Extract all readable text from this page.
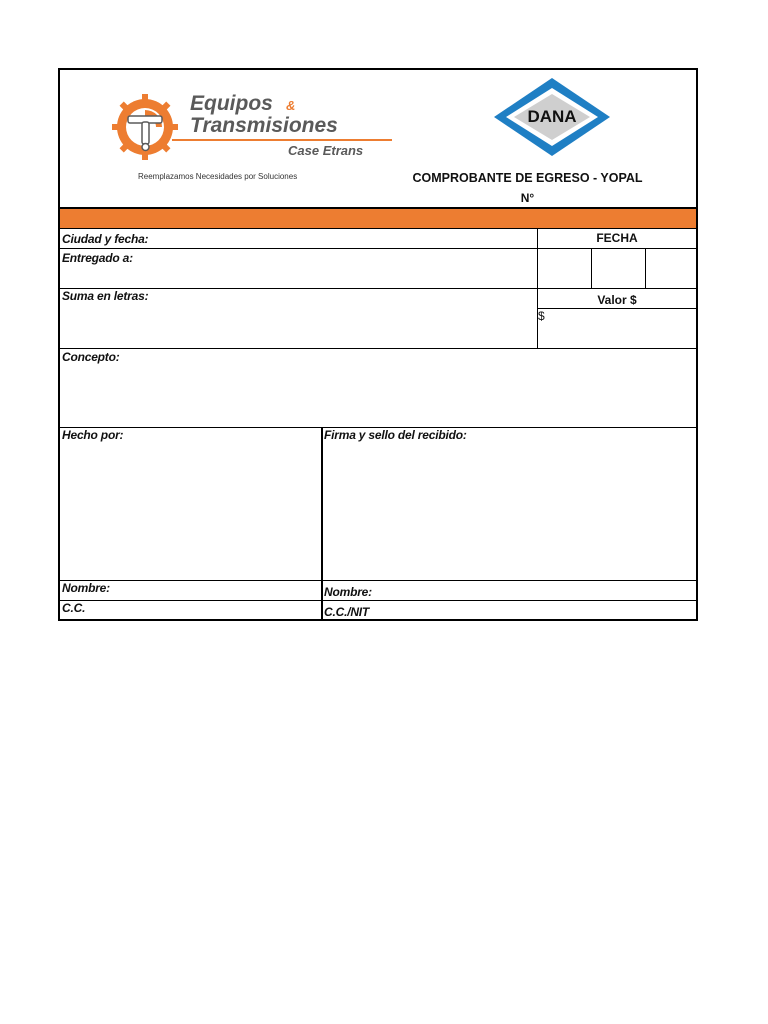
Equipos &
Transmisiones
Case Etrans
Reemplazamos Necesidades por Soluciones
DANA
COMPROBANTE DE EGRESO - YOPAL
N°
Ciudad y fecha:	FECHA
Entregado a:
Suma en letras:	Valor $
$
Concepto:
Hecho por:	Firma y sello del recibido:
Nombre:	Nombre:
C.C.	C.C./NIT
